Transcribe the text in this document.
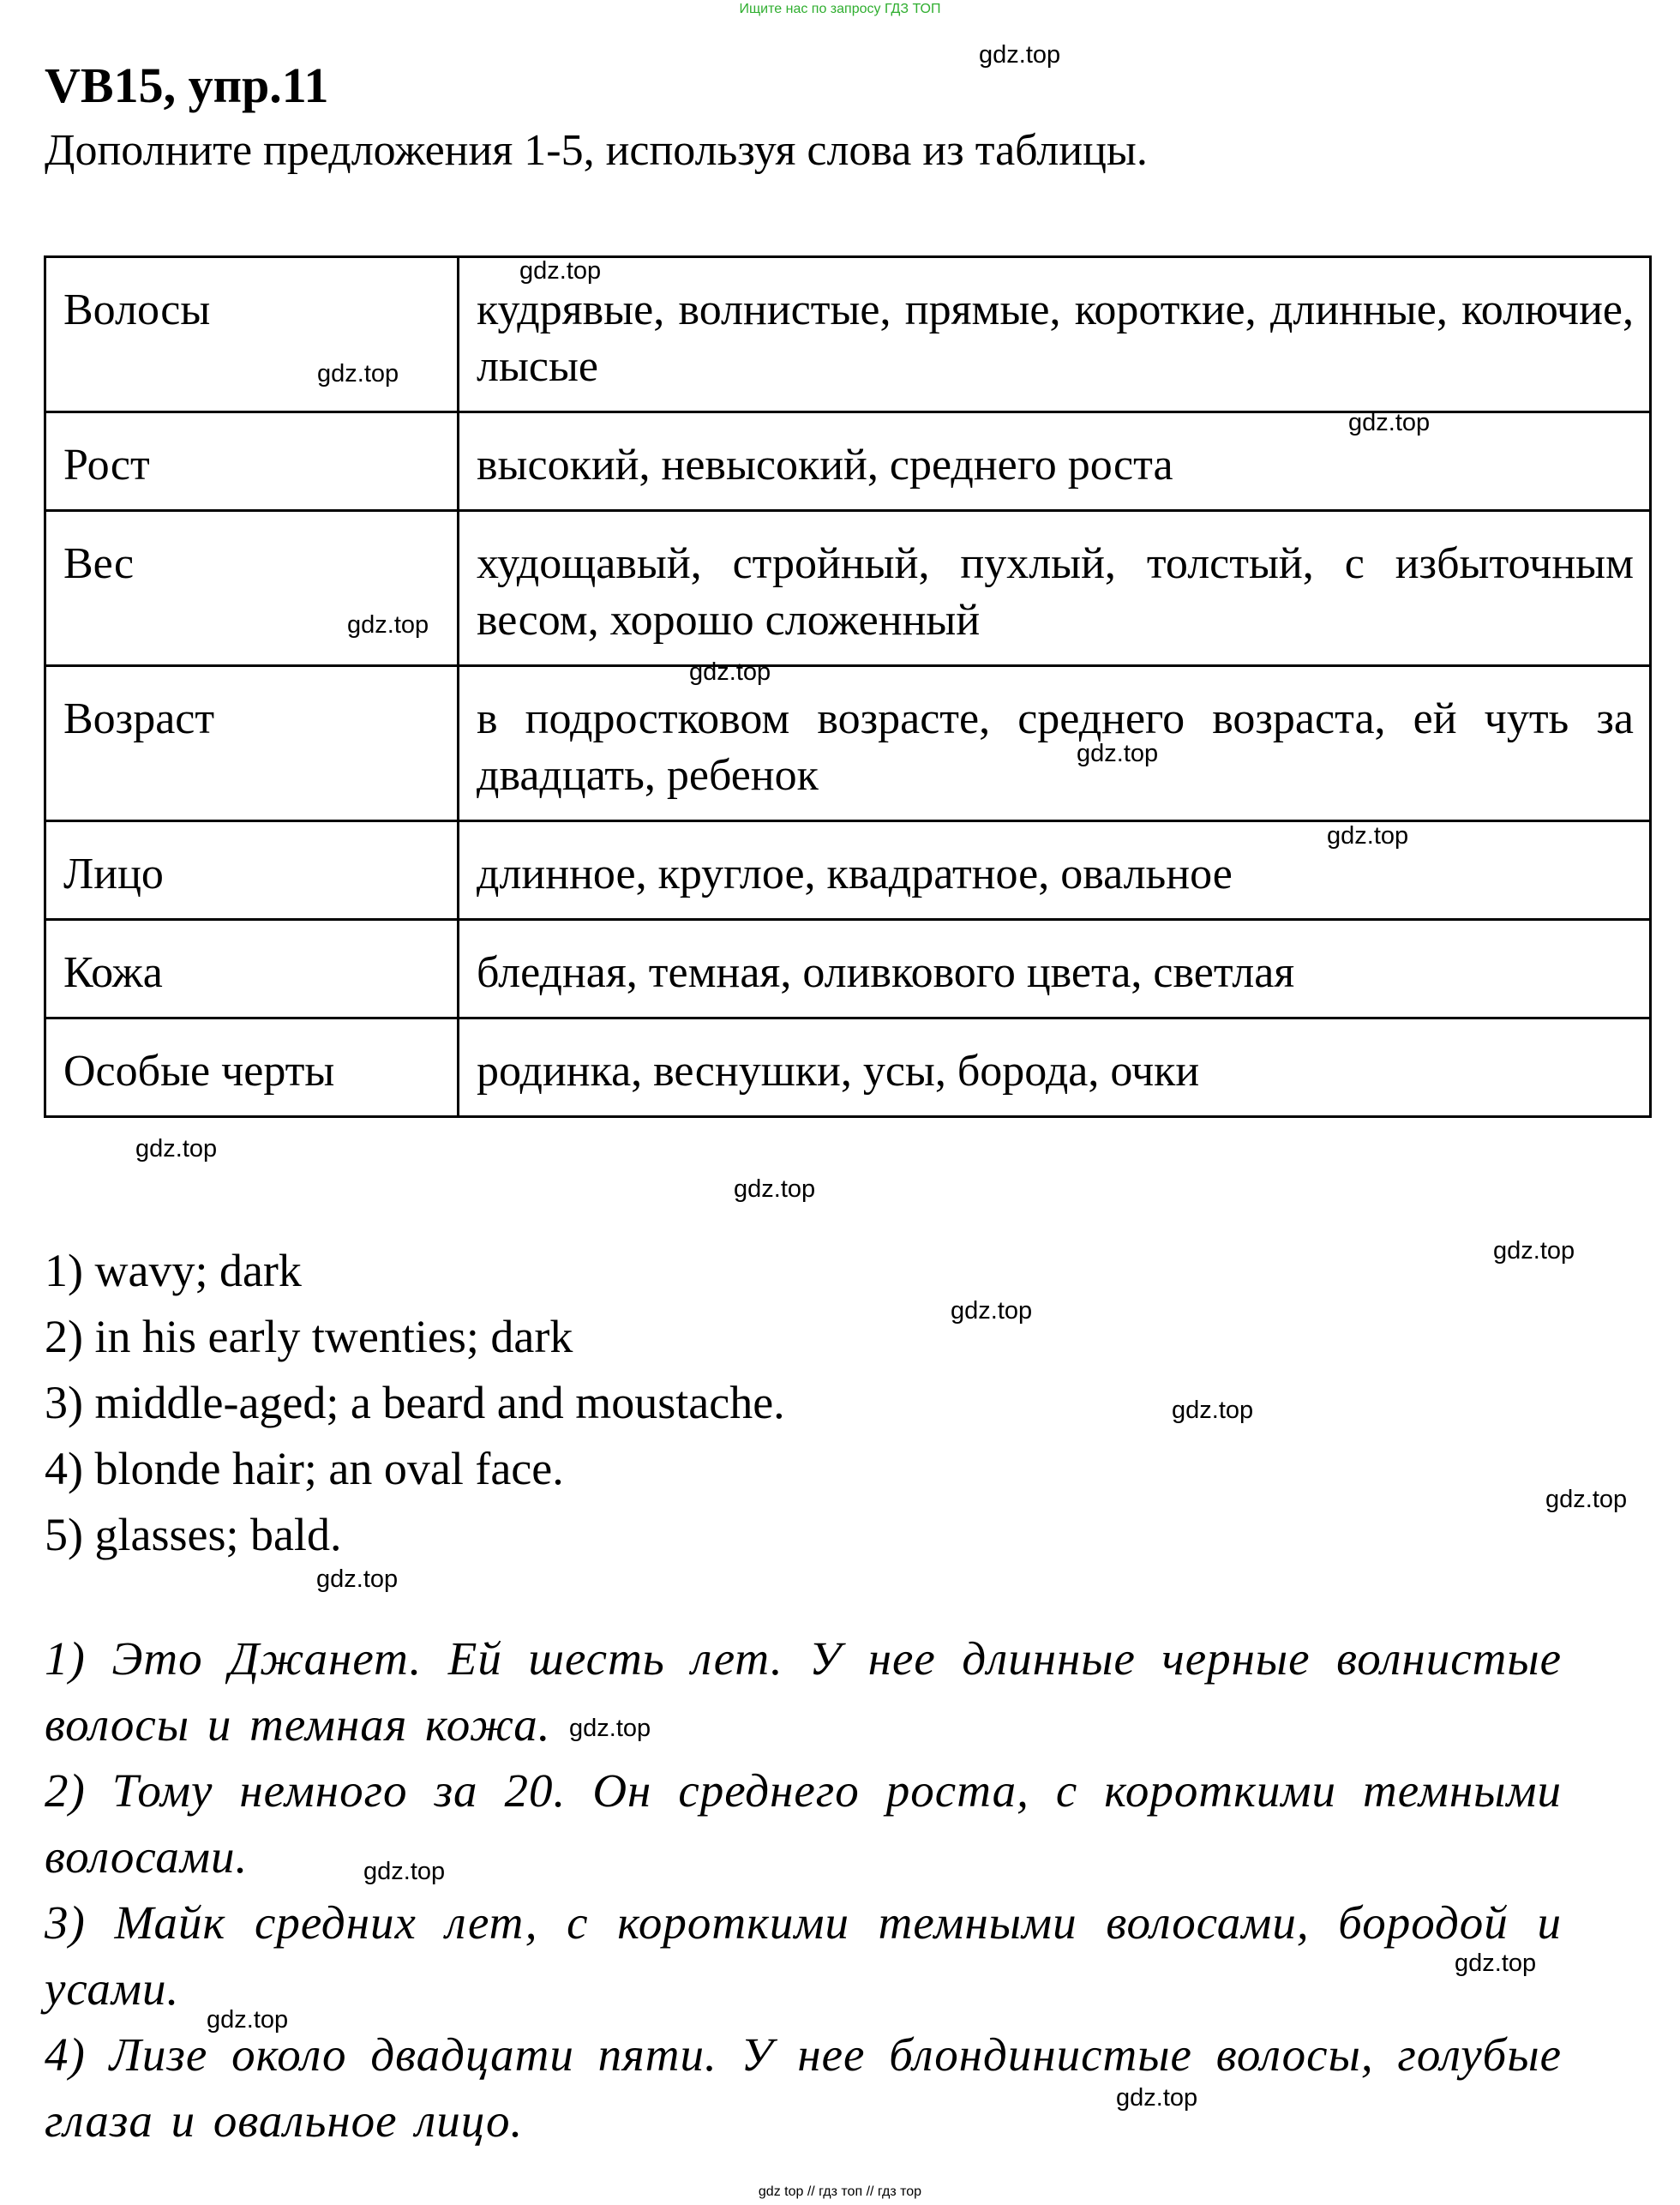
Ищите нас по запросу ГДЗ ТОП
VB15, упр.11
Дополните предложения 1-5, используя слова из таблицы.
Волосы	кудрявые, волнистые, прямые, короткие, длинные, колючие, лысые
Рост	высокий, невысокий, среднего роста
Вес	худощавый, стройный, пухлый, толстый, с избыточным весом, хорошо сложенный
Возраст	в подростковом возрасте, среднего возраста, ей чуть за двадцать, ребенок
Лицо	длинное, круглое, квадратное, овальное
Кожа	бледная, темная, оливкового цвета, светлая
Особые черты	родинка, веснушки, усы, борода, очки
1) wavy; dark
2) in his early twenties; dark
3) middle-aged; a beard and moustache.
4) blonde hair; an oval face.
5) glasses; bald.

1) Это Джанет. Ей шесть лет. У нее длинные черные волнистые волосы и темная кожа.

2) Тому немного за 20. Он среднего роста, с короткими темными волосами.

3) Майк средних лет, с короткими темными волосами, бородой и усами.

4) Лизе около двадцати пяти. У нее блондинистые волосы, голубые глаза и овальное лицо.

gdz.top
gdz.top
gdz.top
gdz.top
gdz.top
gdz.top
gdz.top
gdz.top
gdz.top
gdz.top
gdz.top
gdz.top
gdz.top
gdz.top
gdz.top
gdz.top
gdz.top
gdz.top
gdz.top
gdz.top
gdz top // гдз топ // гдз тор
